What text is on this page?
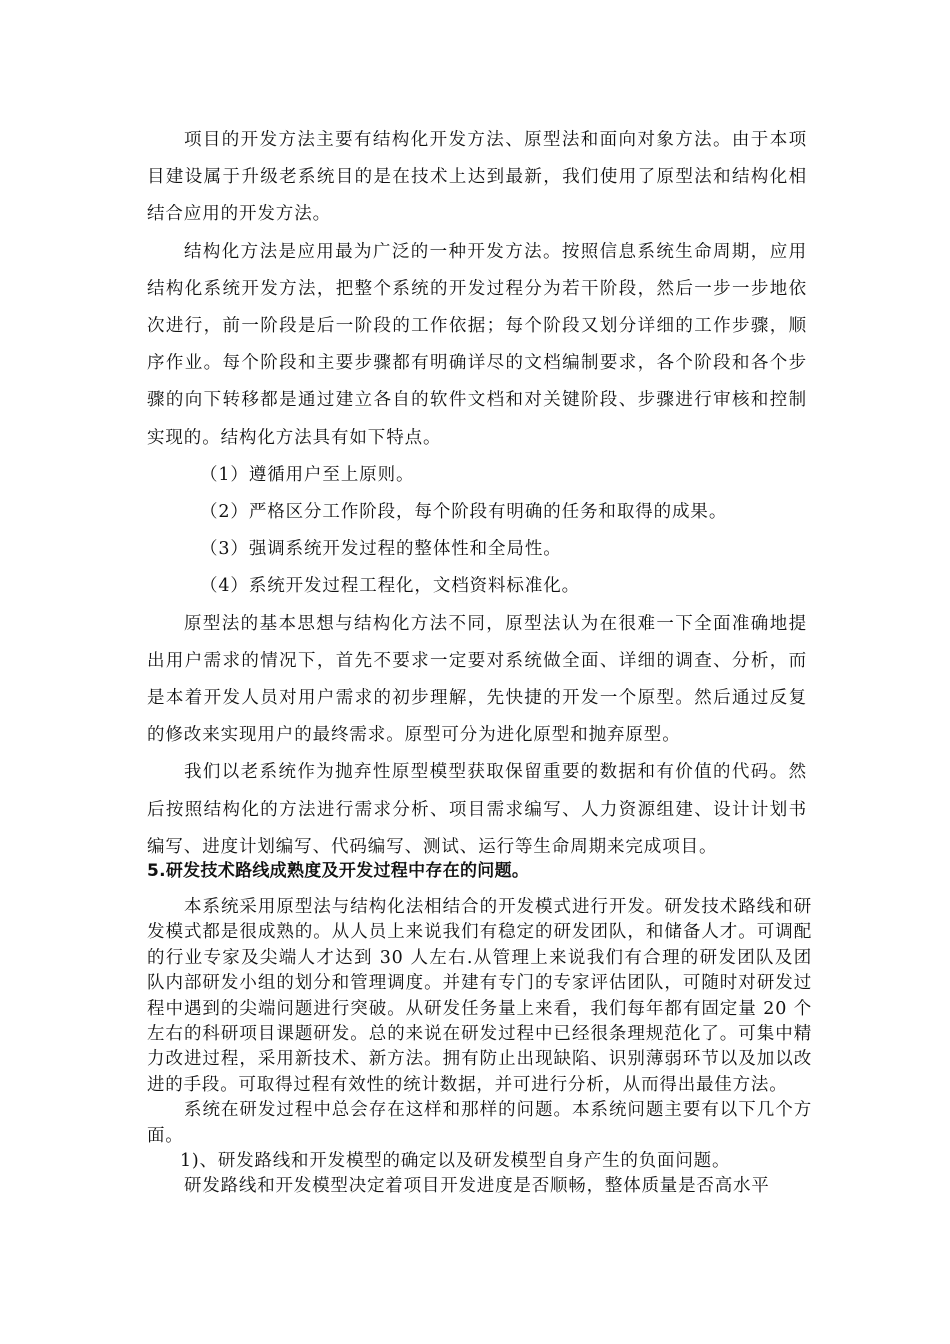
项目的开发方法主要有结构化开发方法、原型法和面向对象方法。由于本项目建设属于升级老系统目的是在技术上达到最新，我们使用了原型法和结构化相结合应用的开发方法。

结构化方法是应用最为广泛的一种开发方法。按照信息系统生命周期，应用结构化系统开发方法，把整个系统的开发过程分为若干阶段，然后一步一步地依次进行，前一阶段是后一阶段的工作依据；每个阶段又划分详细的工作步骤，顺序作业。每个阶段和主要步骤都有明确详尽的文档编制要求，各个阶段和各个步骤的向下转移都是通过建立各自的软件文档和对关键阶段、步骤进行审核和控制实现的。结构化方法具有如下特点。

（1）遵循用户至上原则。

（2）严格区分工作阶段，每个阶段有明确的任务和取得的成果。

（3）强调系统开发过程的整体性和全局性。

（4）系统开发过程工程化，文档资料标准化。

原型法的基本思想与结构化方法不同，原型法认为在很难一下全面准确地提出用户需求的情况下，首先不要求一定要对系统做全面、详细的调查、分析，而是本着开发人员对用户需求的初步理解，先快捷的开发一个原型。然后通过反复的修改来实现用户的最终需求。原型可分为进化原型和抛弃原型。

我们以老系统作为抛弃性原型模型获取保留重要的数据和有价值的代码。然后按照结构化的方法进行需求分析、项目需求编写、人力资源组建、设计计划书编写、进度计划编写、代码编写、测试、运行等生命周期来完成项目。

5.研发技术路线成熟度及开发过程中存在的问题。

本系统采用原型法与结构化法相结合的开发模式进行开发。研发技术路线和研发模式都是很成熟的。从人员上来说我们有稳定的研发团队，和储备人才。可调配的行业专家及尖端人才达到 30 人左右.从管理上来说我们有合理的研发团队及团队内部研发小组的划分和管理调度。并建有专门的专家评估团队，可随时对研发过程中遇到的尖端问题进行突破。从研发任务量上来看，我们每年都有固定量 20 个左右的科研项目课题研发。总的来说在研发过程中已经很条理规范化了。可集中精力改进过程，采用新技术、新方法。拥有防止出现缺陷、识别薄弱环节以及加以改进的手段。可取得过程有效性的统计数据，并可进行分析，从而得出最佳方法。

系统在研发过程中总会存在这样和那样的问题。本系统问题主要有以下几个方面。

1)、研发路线和开发模型的确定以及研发模型自身产生的负面问题。

研发路线和开发模型决定着项目开发进度是否顺畅，整体质量是否高水平
